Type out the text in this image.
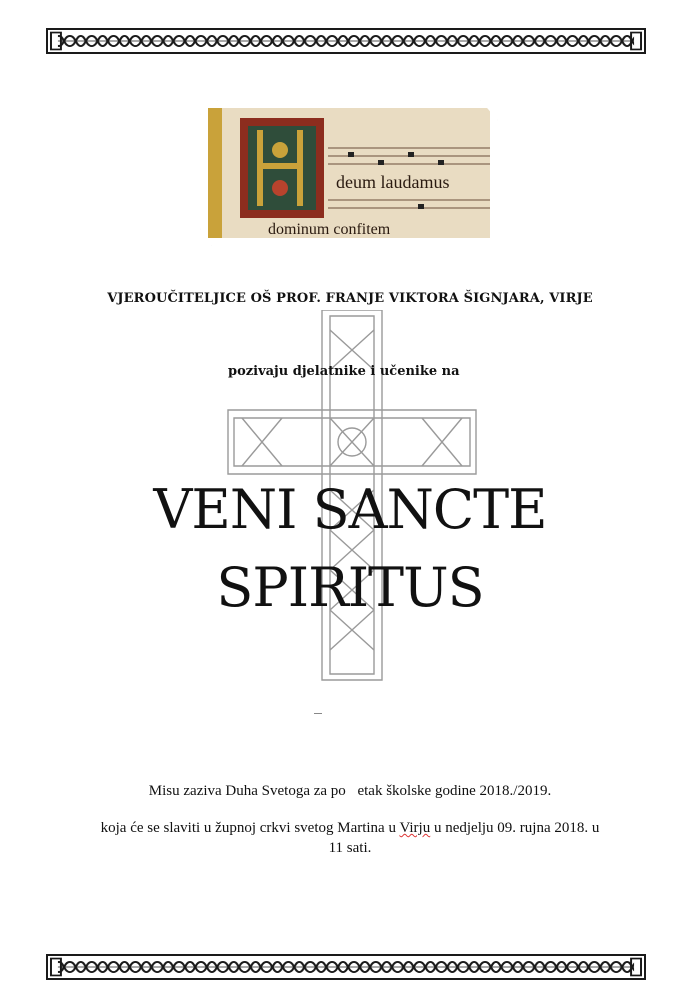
deum laudamus
dominum confitem
VJEROUČITELJICE OŠ PROF. FRANJE VIKTORA ŠIGNJARA, VIRJE
pozivaju djelatnike i učenike na
VENI SANCTE
SPIRITUS
Misu zaziva Duha Svetoga za po etak školske godine 2018./2019.
koja će se slaviti u župnoj crkvi svetog Martina u Virju u nedjelju 09. rujna 2018. u
11 sati.
